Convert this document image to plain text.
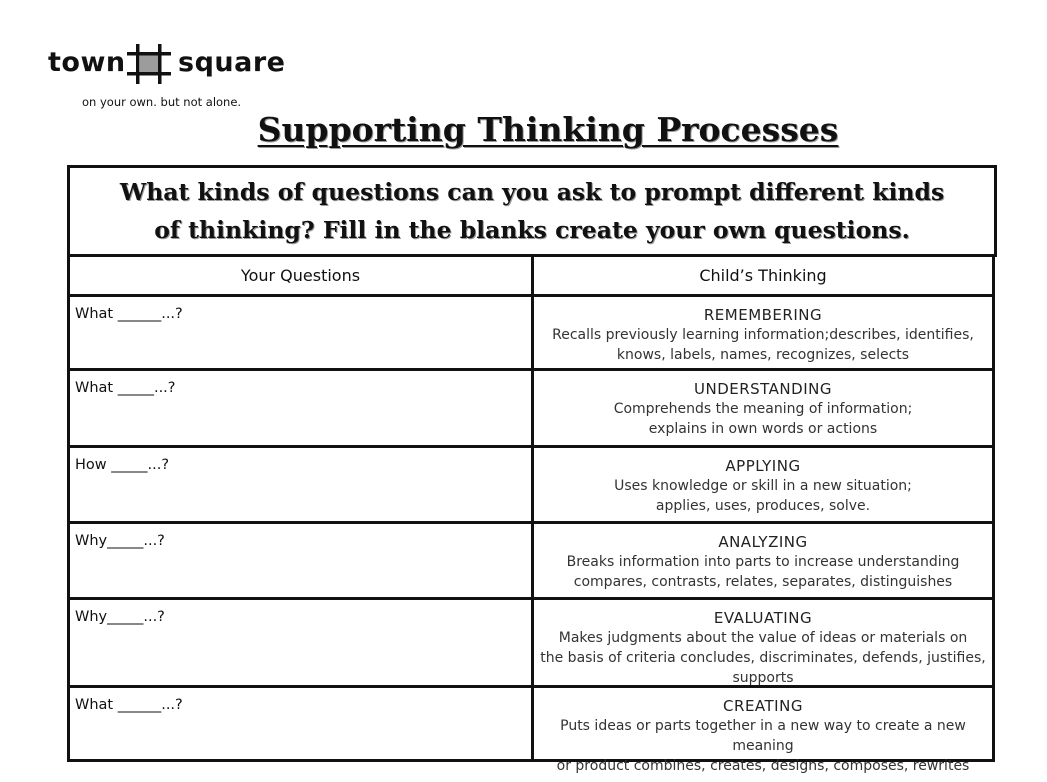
town square
on your own. but not alone.
Supporting Thinking Processes
What kinds of questions can you ask to prompt different kinds
of thinking? Fill in the blanks create your own questions.
Your Questions	Child’s Thinking
What ______...?	REMEMBERING
Recalls previously learning information;describes, identifies,
knows, labels, names, recognizes, selects
What _____...?	UNDERSTANDING
Comprehends the meaning of information;
explains in own words or actions
How _____...?	APPLYING
Uses knowledge or skill in a new situation;
applies, uses, produces, solve.
Why_____...?	ANALYZING
Breaks information into parts to increase understanding
compares, contrasts, relates, separates, distinguishes
Why_____...?	EVALUATING
Makes judgments about the value of ideas or materials on
the basis of criteria concludes, discriminates, defends, justifies,
supports
What ______...?	CREATING
Puts ideas or parts together in a new way to create a new meaning
or product combines, creates, designs, composes, rewrites
